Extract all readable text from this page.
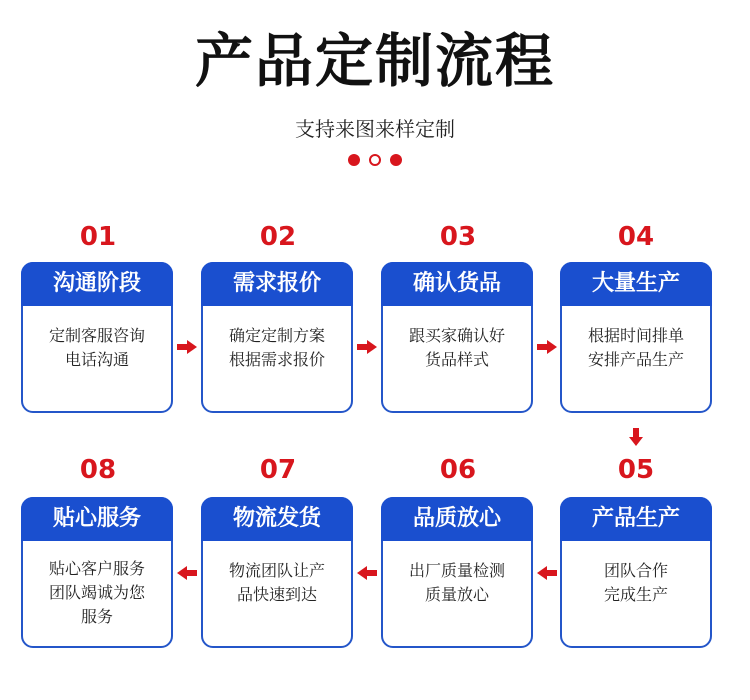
产品定制流程
支持来图来样定制
01	02	03	04
沟通阶段
定制客服咨询
电话沟通
需求报价
确定定制方案
根据需求报价
确认货品
跟买家确认好
货品样式
大量生产
根据时间排单
安排产品生产
08	07	06	05
贴心服务
贴心客户服务
团队竭诚为您
服务
物流发货
物流团队让产
品快速到达
品质放心
出厂质量检测
质量放心
产品生产
团队合作
完成生产
